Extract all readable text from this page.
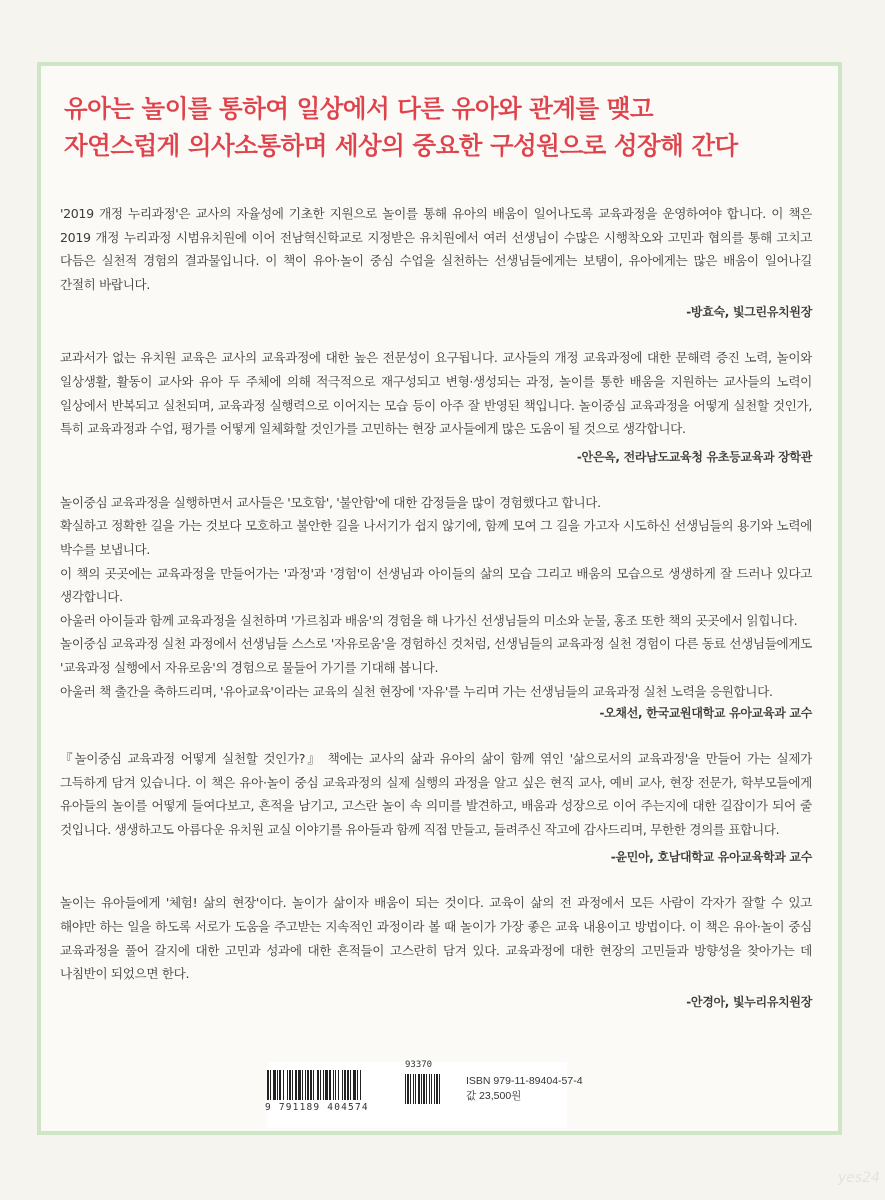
유아는 놀이를 통하여 일상에서 다른 유아와 관계를 맺고
자연스럽게 의사소통하며 세상의 중요한 구성원으로 성장해 간다
'2019 개정 누리과정'은 교사의 자율성에 기초한 지원으로 놀이를 통해 유아의 배움이 일어나도록 교육과정을 운영하여야 합니다. 이 책은 2019 개정 누리과정 시범유치원에 이어 전남혁신학교로 지정받은 유치원에서 여러 선생님이 수많은 시행착오와 고민과 협의를 통해 고치고 다듬은 실천적 경험의 결과물입니다. 이 책이 유아·놀이 중심 수업을 실천하는 선생님들에게는 보탬이, 유아에게는 많은 배움이 일어나길 간절히 바랍니다.
-방효숙, 빛그린유치원장
교과서가 없는 유치원 교육은 교사의 교육과정에 대한 높은 전문성이 요구됩니다. 교사들의 개정 교육과정에 대한 문해력 증진 노력, 놀이와 일상생활, 활동이 교사와 유아 두 주체에 의해 적극적으로 재구성되고 변형·생성되는 과정, 놀이를 통한 배움을 지원하는 교사들의 노력이 일상에서 반복되고 실천되며, 교육과정 실행력으로 이어지는 모습 등이 아주 잘 반영된 책입니다. 놀이중심 교육과정을 어떻게 실천할 것인가, 특히 교육과정과 수업, 평가를 어떻게 일체화할 것인가를 고민하는 현장 교사들에게 많은 도움이 될 것으로 생각합니다.
-안은옥, 전라남도교육청 유초등교육과 장학관

놀이중심 교육과정을 실행하면서 교사들은 '모호함', '불안함'에 대한 감정들을 많이 경험했다고 합니다.

확실하고 정확한 길을 가는 것보다 모호하고 불안한 길을 나서기가 쉽지 않기에, 함께 모여 그 길을 가고자 시도하신 선생님들의 용기와 노력에 박수를 보냅니다.

이 책의 곳곳에는 교육과정을 만들어가는 '과정'과 '경험'이 선생님과 아이들의 삶의 모습 그리고 배움의 모습으로 생생하게 잘 드러나 있다고 생각합니다.

아울러 아이들과 함께 교육과정을 실천하며 '가르침과 배움'의 경험을 해 나가신 선생님들의 미소와 눈물, 홍조 또한 책의 곳곳에서 읽힙니다.

놀이중심 교육과정 실천 과정에서 선생님들 스스로 '자유로움'을 경험하신 것처럼, 선생님들의 교육과정 실천 경험이 다른 동료 선생님들에게도 '교육과정 실행에서 자유로움'의 경험으로 물들어 가기를 기대해 봅니다.

아울러 책 출간을 축하드리며, '유아교육'이라는 교육의 실천 현장에 '자유'를 누리며 가는 선생님들의 교육과정 실천 노력을 응원합니다.

-오채선, 한국교원대학교 유아교육과 교수
『놀이중심 교육과정 어떻게 실천할 것인가?』 책에는 교사의 삶과 유아의 삶이 함께 엮인 '삶으로서의 교육과정'을 만들어 가는 실제가 그득하게 담겨 있습니다. 이 책은 유아·놀이 중심 교육과정의 실제 실행의 과정을 알고 싶은 현직 교사, 예비 교사, 현장 전문가, 학부모들에게 유아들의 놀이를 어떻게 들여다보고, 흔적을 남기고, 고스란 놀이 속 의미를 발견하고, 배움과 성장으로 이어 주는지에 대한 길잡이가 되어 줄 것입니다. 생생하고도 아름다운 유치원 교실 이야기를 유아들과 함께 직접 만들고, 들려주신 작고에 감사드리며, 무한한 경의를 표합니다.
-윤민아, 호남대학교 유아교육학과 교수
놀이는 유아들에게 '체험! 삶의 현장'이다. 놀이가 삶이자 배움이 되는 것이다. 교육이 삶의 전 과정에서 모든 사람이 각자가 잘할 수 있고 해야만 하는 일을 하도록 서로가 도움을 주고받는 지속적인 과정이라 볼 때 놀이가 가장 좋은 교육 내용이고 방법이다. 이 책은 유아·놀이 중심 교육과정을 풀어 갈지에 대한 고민과 성과에 대한 흔적들이 고스란히 담겨 있다. 교육과정에 대한 현장의 고민들과 방향성을 찾아가는 데 나침반이 되었으면 한다.
-안경아, 빛누리유치원장
93370
9 791189 404574
ISBN 979-11-89404-57-4
값 23,500원
yes24
